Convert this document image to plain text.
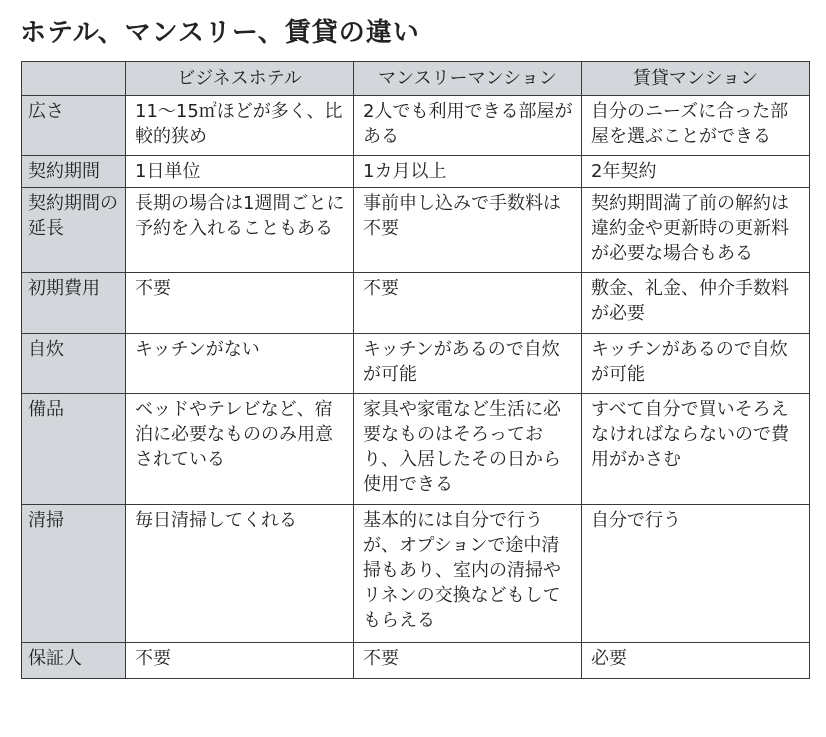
ホテル、マンスリー、賃貸の違い
	ビジネスホテル	マンスリーマンション	賃貸マンション
広さ	11～15㎡ほどが多く、比較的狭め	2人でも利用できる部屋がある	自分のニーズに合った部屋を選ぶことができる
契約期間	1日単位	1カ月以上	2年契約
契約期間の延長	長期の場合は1週間ごとに予約を入れることもある	事前申し込みで手数料は不要	契約期間満了前の解約は違約金や更新時の更新料が必要な場合もある
初期費用	不要	不要	敷金、礼金、仲介手数料が必要
自炊	キッチンがない	キッチンがあるので自炊が可能	キッチンがあるので自炊が可能
備品	ベッドやテレビなど、宿泊に必要なもののみ用意されている	家具や家電など生活に必要なものはそろっており、入居したその日から使用できる	すべて自分で買いそろえなければならないので費用がかさむ
清掃	毎日清掃してくれる	基本的には自分で行うが、オプションで途中清掃もあり、室内の清掃やリネンの交換などもしてもらえる	自分で行う
保証人	不要	不要	必要
